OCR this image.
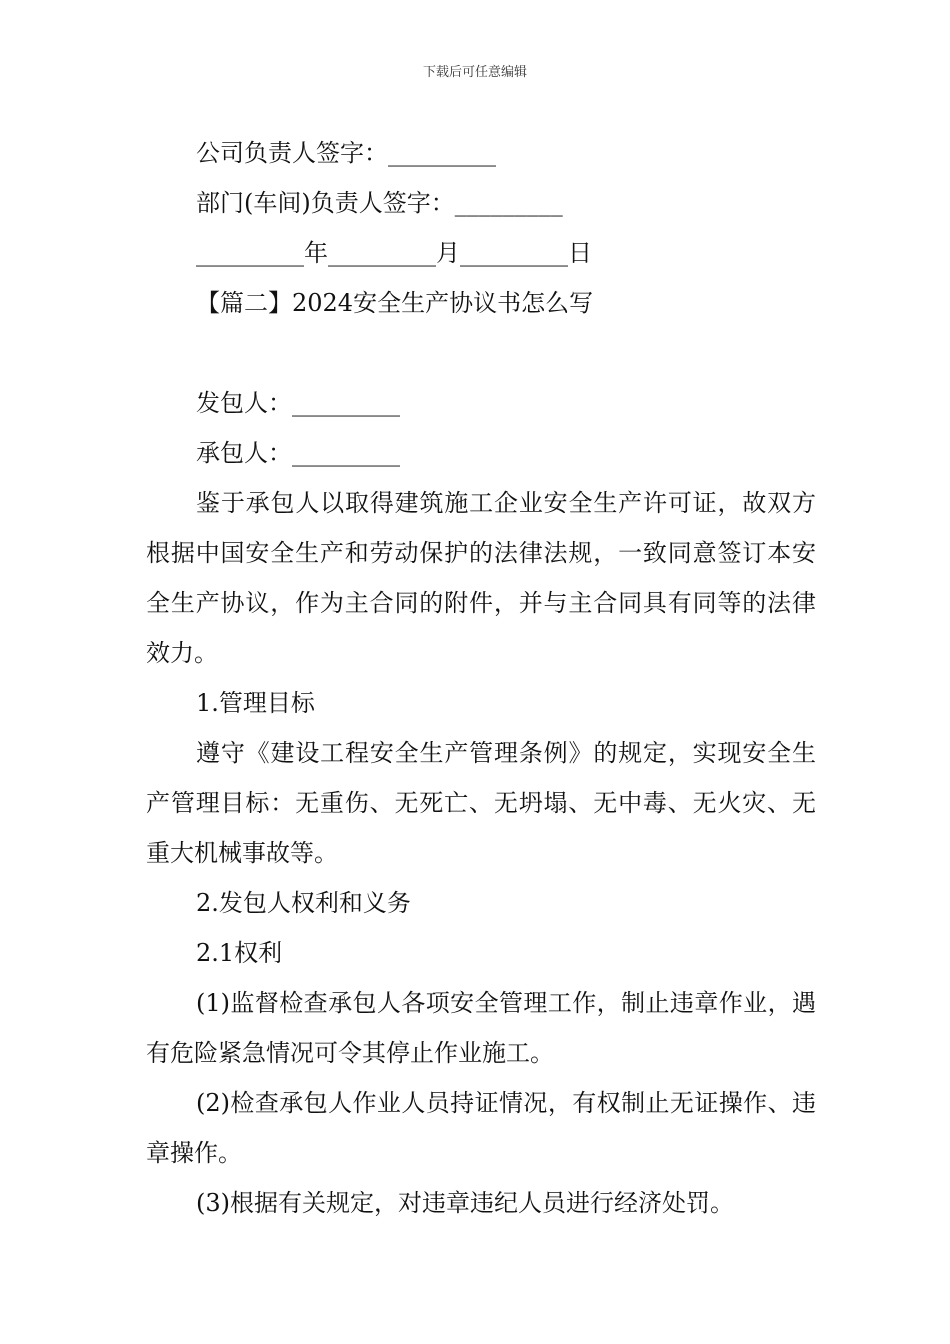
下载后可任意编辑

公司负责人签字：_________

部门(车间)负责人签字：_________

_________年_________月_________日

【篇二】2024安全生产协议书怎么写

发包人：_________

承包人：_________

鉴于承包人以取得建筑施工企业安全生产许可证，故双方根据中国安全生产和劳动保护的法律法规，一致同意签订本安全生产协议，作为主合同的附件，并与主合同具有同等的法律效力。

1.管理目标

遵守《建设工程安全生产管理条例》的规定，实现安全生产管理目标：无重伤、无死亡、无坍塌、无中毒、无火灾、无重大机械事故等。

2.发包人权利和义务

2.1权利

(1)监督检查承包人各项安全管理工作，制止违章作业，遇有危险紧急情况可令其停止作业施工。

(2)检查承包人作业人员持证情况，有权制止无证操作、违章操作。

(3)根据有关规定，对违章违纪人员进行经济处罚。
